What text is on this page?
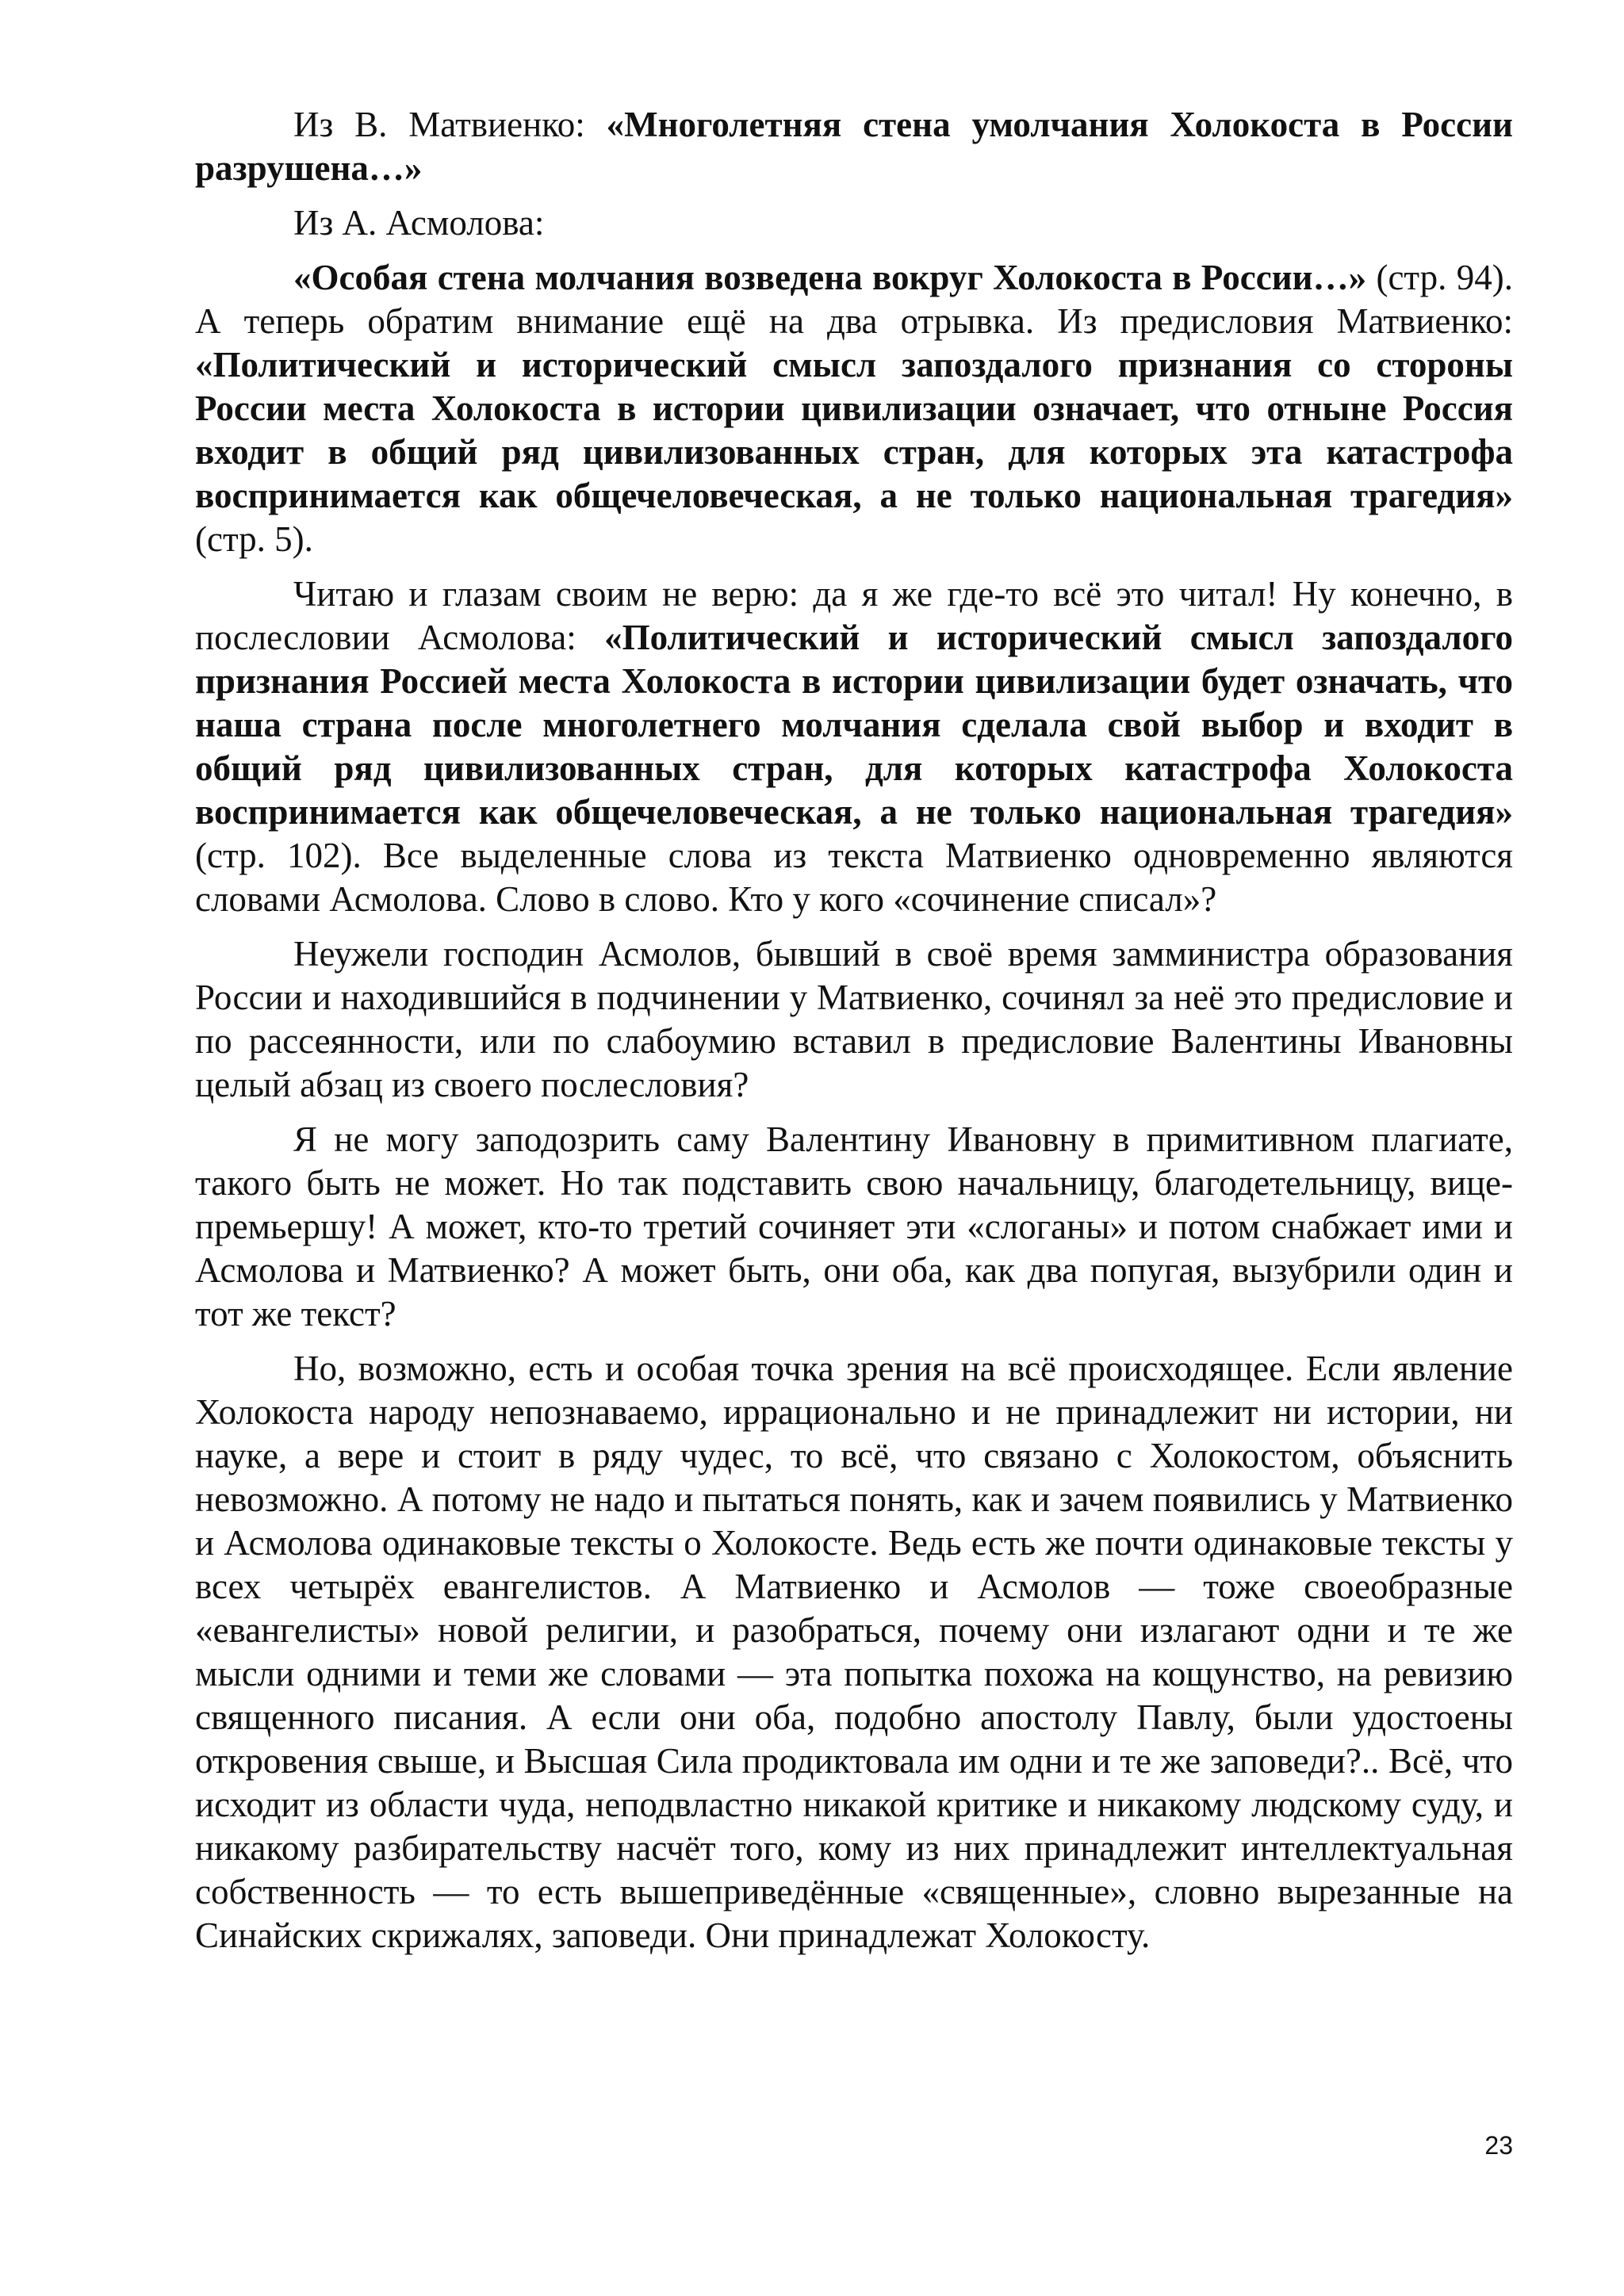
Из В. Матвиенко: «Многолетняя стена умолчания Холокоста в России разрушена…»

Из А. Асмолова:

«Особая стена молчания возведена вокруг Холокоста в России…» (стр. 94). А теперь обратим внимание ещё на два отрывка. Из предисловия Матвиенко: «Политический и исторический смысл запоздалого признания со стороны России места Холокоста в истории цивилизации означает, что отныне Россия входит в общий ряд цивилизованных стран, для которых эта катастрофа воспринимается как общечеловеческая, а не только национальная трагедия» (стр. 5).

Читаю и глазам своим не верю: да я же где-то всё это читал! Ну конечно, в послесловии Асмолова: «Политический и исторический смысл запоздалого признания Россией места Холокоста в истории цивилизации будет означать, что наша страна после многолетнего молчания сделала свой выбор и входит в общий ряд цивилизованных стран, для которых катастрофа Холокоста воспринимается как общечеловеческая, а не только национальная трагедия» (стр. 102). Все выделенные слова из текста Матвиенко одновременно являются словами Асмолова. Слово в слово. Кто у кого «сочинение списал»?

Неужели господин Асмолов, бывший в своё время замминистра образования России и находившийся в подчинении у Матвиенко, сочинял за неё это предисловие и по рассеянности, или по слабоумию вставил в предисловие Валентины Ивановны целый абзац из своего послесловия?

Я не могу заподозрить саму Валентину Ивановну в примитивном плагиате, такого быть не может. Но так подставить свою начальницу, благодетельницу, вице-премьершу! А может, кто-то третий сочиняет эти «слоганы» и потом снабжает ими и Асмолова и Матвиенко? А может быть, они оба, как два попугая, вызубрили один и тот же текст?

Но, возможно, есть и особая точка зрения на всё происходящее. Если явление Холокоста народу непознаваемо, иррационально и не принадлежит ни истории, ни науке, а вере и стоит в ряду чудес, то всё, что связано с Холокостом, объяснить невозможно. А потому не надо и пытаться понять, как и зачем появились у Матвиенко и Асмолова одинаковые тексты о Холокосте. Ведь есть же почти одинаковые тексты у всех четырёх евангелистов. А Матвиенко и Асмолов — тоже своеобразные «евангелисты» новой религии, и разобраться, почему они излагают одни и те же мысли одними и теми же словами — эта попытка похожа на кощунство, на ревизию священного писания. А если они оба, подобно апостолу Павлу, были удостоены откровения свыше, и Высшая Сила продиктовала им одни и те же заповеди?.. Всё, что исходит из области чуда, неподвластно никакой критике и никакому людскому суду, и никакому разбирательству насчёт того, кому из них принадлежит интеллектуальная собственность — то есть вышеприведённые «священные», словно вырезанные на Синайских скрижалях, заповеди. Они принадлежат Холокосту.

23
